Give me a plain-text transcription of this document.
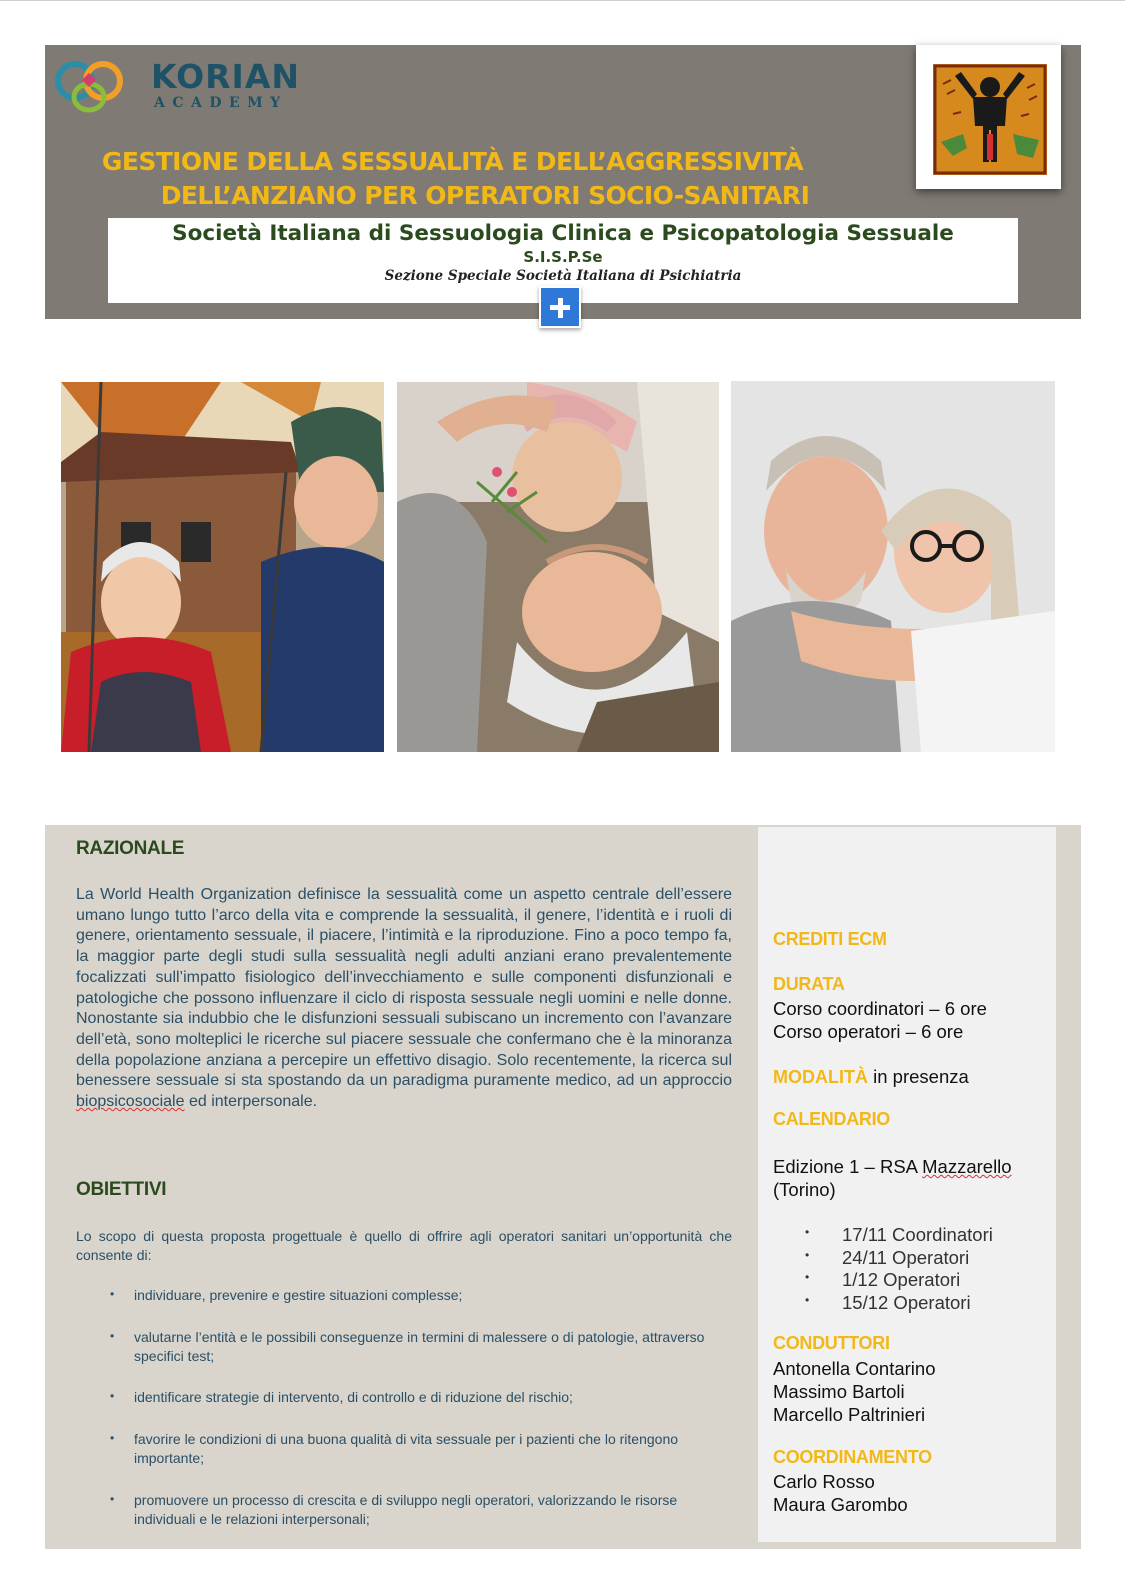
KORIAN
ACADEMY
GESTIONE DELLA SESSUALITÀ E DELL’AGGRESSIVITÀ
DELL’ANZIANO PER OPERATORI SOCIO-SANITARI
Società Italiana di Sessuologia Clinica e Psicopatologia Sessuale
S.I.S.P.Se
Sezione Speciale Società Italiana di Psichiatria
RAZIONALE
La World Health Organization definisce la sessualità come un aspetto centrale dell’essere umano lungo tutto l’arco della vita e comprende la sessualità, il genere, l’identità e i ruoli di genere, orientamento sessuale, il piacere, l’intimità e la riproduzione. Fino a poco tempo fa, la maggior parte degli studi sulla sessualità negli adulti anziani erano prevalentemente focalizzati sull’impatto fisiologico dell’invecchiamento e sulle componenti disfunzionali e patologiche che possono influenzare il ciclo di risposta sessuale negli uomini e nelle donne. Nonostante sia indubbio che le disfunzioni sessuali subiscano un incremento con l’avanzare dell’età, sono molteplici le ricerche sul piacere sessuale che confermano che è la minoranza della popolazione anziana a percepire un effettivo disagio. Solo recentemente, la ricerca sul benessere sessuale si sta spostando da un paradigma puramente medico, ad un approccio biopsicosociale ed interpersonale.
OBIETTIVI
Lo scopo di questa proposta progettuale è quello di offrire agli operatori sanitari un’opportunità che consente di:
• individuare, prevenire e gestire situazioni complesse;
• valutarne l’entità e le possibili conseguenze in termini di malessere o di patologie, attraverso specifici test;
• identificare strategie di intervento, di controllo e di riduzione del rischio;
• favorire le condizioni di una buona qualità di vita sessuale per i pazienti che lo ritengono importante;
• promuovere un processo di crescita e di sviluppo negli operatori, valorizzando le risorse individuali e le relazioni interpersonali;
CREDITI ECM
DURATA
Corso coordinatori – 6 ore
Corso operatori – 6 ore
MODALITÀ in presenza
CALENDARIO
Edizione 1 – RSA Mazzarello
(Torino)
• 17/11 Coordinatori
• 24/11 Operatori
• 1/12 Operatori
• 15/12 Operatori
CONDUTTORI
Antonella Contarino
Massimo Bartoli
Marcello Paltrinieri
COORDINAMENTO
Carlo Rosso
Maura Garombo
